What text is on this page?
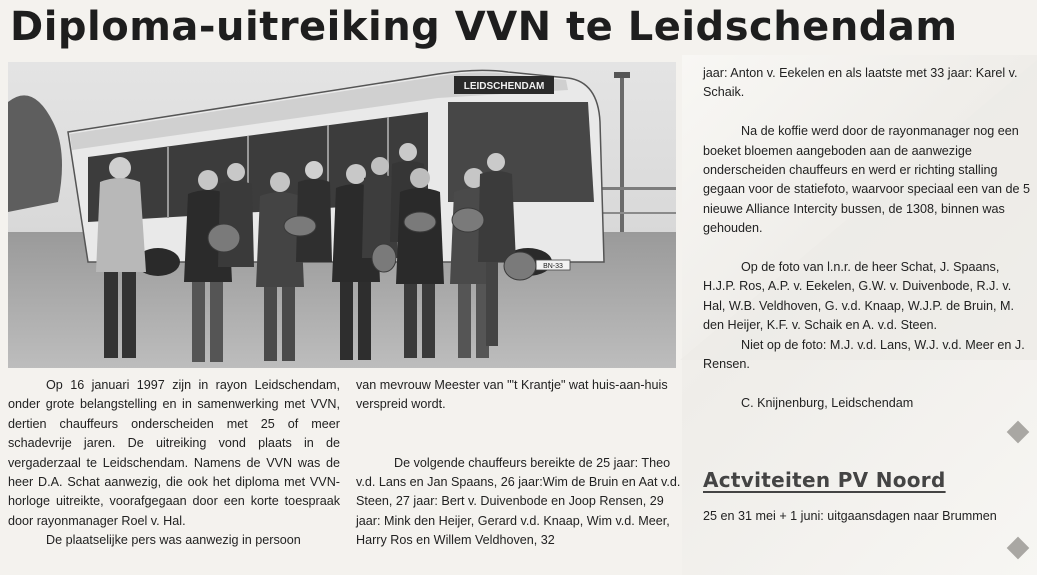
Diploma-uitreiking VVN te Leidschendam
LEIDSCHENDAM
BN-33

Op 16 januari 1997 zijn in rayon Leidschendam, onder grote belangstelling en in samenwerking met VVN, dertien chauffeurs onderscheiden met 25 of meer schadevrije jaren. De uitreiking vond plaats in de vergaderzaal te Leidschendam. Namens de VVN was de heer D.A. Schat aanwezig, die ook het diploma met VVN-horloge uitreikte, voorafgegaan door een korte toespraak door rayonmanager Roel v. Hal.

De plaatselijke pers was aanwezig in persoon

van mevrouw Meester van "'t Krantje" wat huis-aan-huis verspreid wordt.

De volgende chauffeurs bereikte de 25 jaar: Theo v.d. Lans en Jan Spaans, 26 jaar:Wim de Bruin en Aat v.d. Steen, 27 jaar: Bert v. Duivenbode en Joop Rensen, 29 jaar: Mink den Heijer, Gerard v.d. Knaap, Wim v.d. Meer, Harry Ros en Willem Veldhoven, 32

jaar: Anton v. Eekelen en als laatste met 33 jaar: Karel v. Schaik.

Na de koffie werd door de rayonmanager nog een boeket bloemen aangeboden aan de aanwezige onderscheiden chauffeurs en werd er richting stalling gegaan voor de statiefoto, waarvoor speciaal een van de 5 nieuwe Alliance Intercity bussen, de 1308, binnen was gehouden.

Op de foto van l.n.r. de heer Schat, J. Spaans, H.J.P. Ros, A.P. v. Eekelen, G.W. v. Duivenbode, R.J. v. Hal, W.B. Veldhoven, G. v.d. Knaap, W.J.P. de Bruin, M. den Heijer, K.F. v. Schaik en A. v.d. Steen.

Niet op de foto: M.J. v.d. Lans, W.J. v.d. Meer en J. Rensen.

C. Knijnenburg, Leidschendam

Actviteiten PV Noord
25 en 31 mei + 1 juni: uitgaansdagen naar Brummen
